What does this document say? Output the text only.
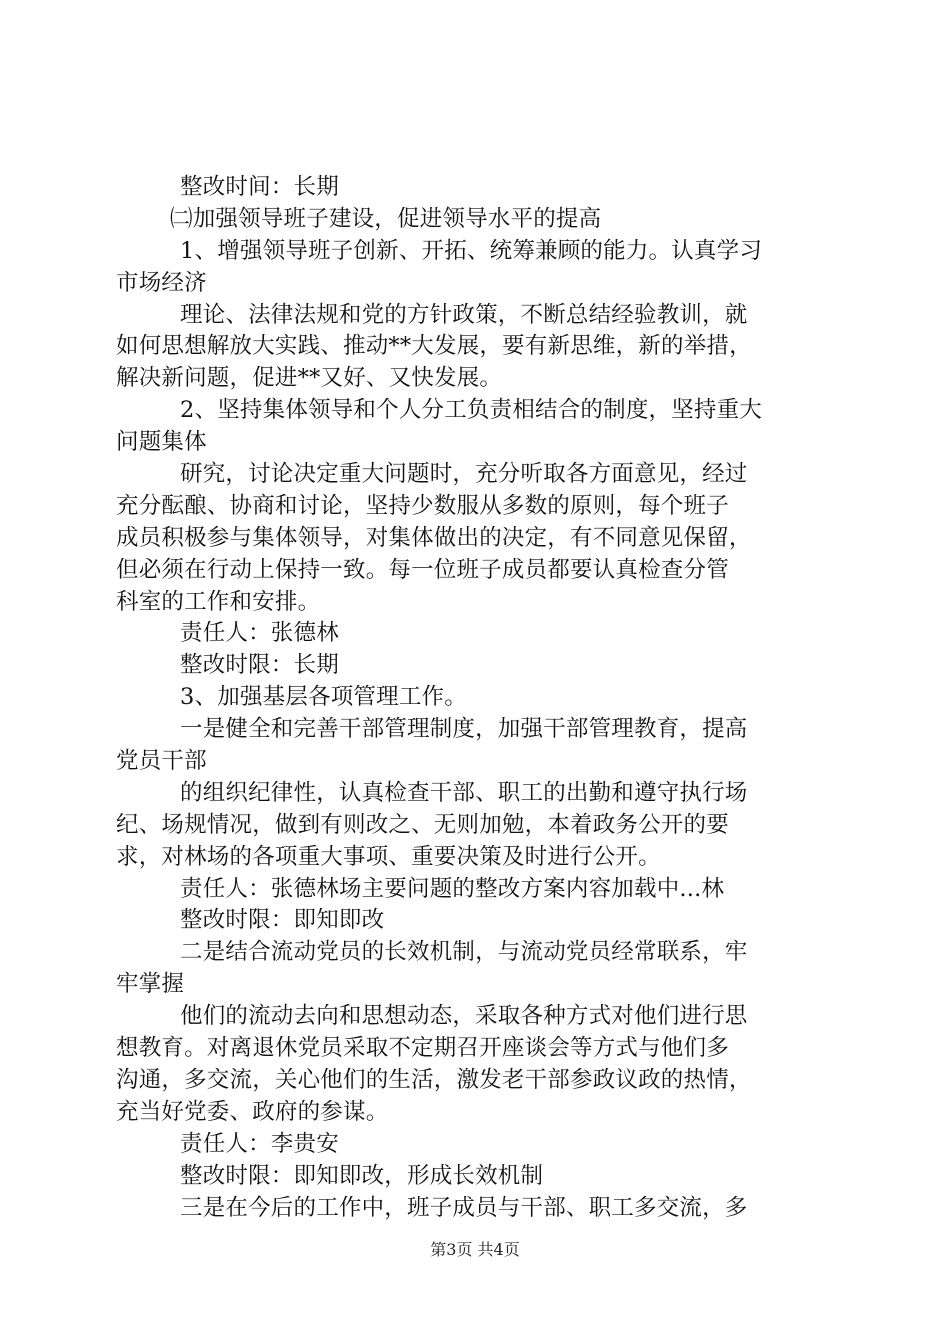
整改时间：长期
㈡加强领导班子建设，促进领导水平的提高
1、增强领导班子创新、开拓、统筹兼顾的能力。认真学习
市场经济
理论、法律法规和党的方针政策，不断总结经验教训，就
如何思想解放大实践、推动**大发展，要有新思维，新的举措，
解决新问题，促进**又好、又快发展。
2、坚持集体领导和个人分工负责相结合的制度，坚持重大
问题集体
研究，讨论决定重大问题时，充分听取各方面意见，经过
充分酝酿、协商和讨论，坚持少数服从多数的原则，每个班子
成员积极参与集体领导，对集体做出的决定，有不同意见保留，
但必须在行动上保持一致。每一位班子成员都要认真检查分管
科室的工作和安排。
责任人：张德林
整改时限：长期
3、加强基层各项管理工作。
一是健全和完善干部管理制度，加强干部管理教育，提高
党员干部
的组织纪律性，认真检查干部、职工的出勤和遵守执行场
纪、场规情况，做到有则改之、无则加勉，本着政务公开的要
求，对林场的各项重大事项、重要决策及时进行公开。
责任人：张德林场主要问题的整改方案内容加载中...林
整改时限：即知即改
二是结合流动党员的长效机制，与流动党员经常联系，牢
牢掌握
他们的流动去向和思想动态，采取各种方式对他们进行思
想教育。对离退休党员采取不定期召开座谈会等方式与他们多
沟通，多交流，关心他们的生活，激发老干部参政议政的热情，
充当好党委、政府的参谋。
责任人：李贵安
整改时限：即知即改，形成长效机制
三是在今后的工作中，班子成员与干部、职工多交流，多
第3页 共4页
